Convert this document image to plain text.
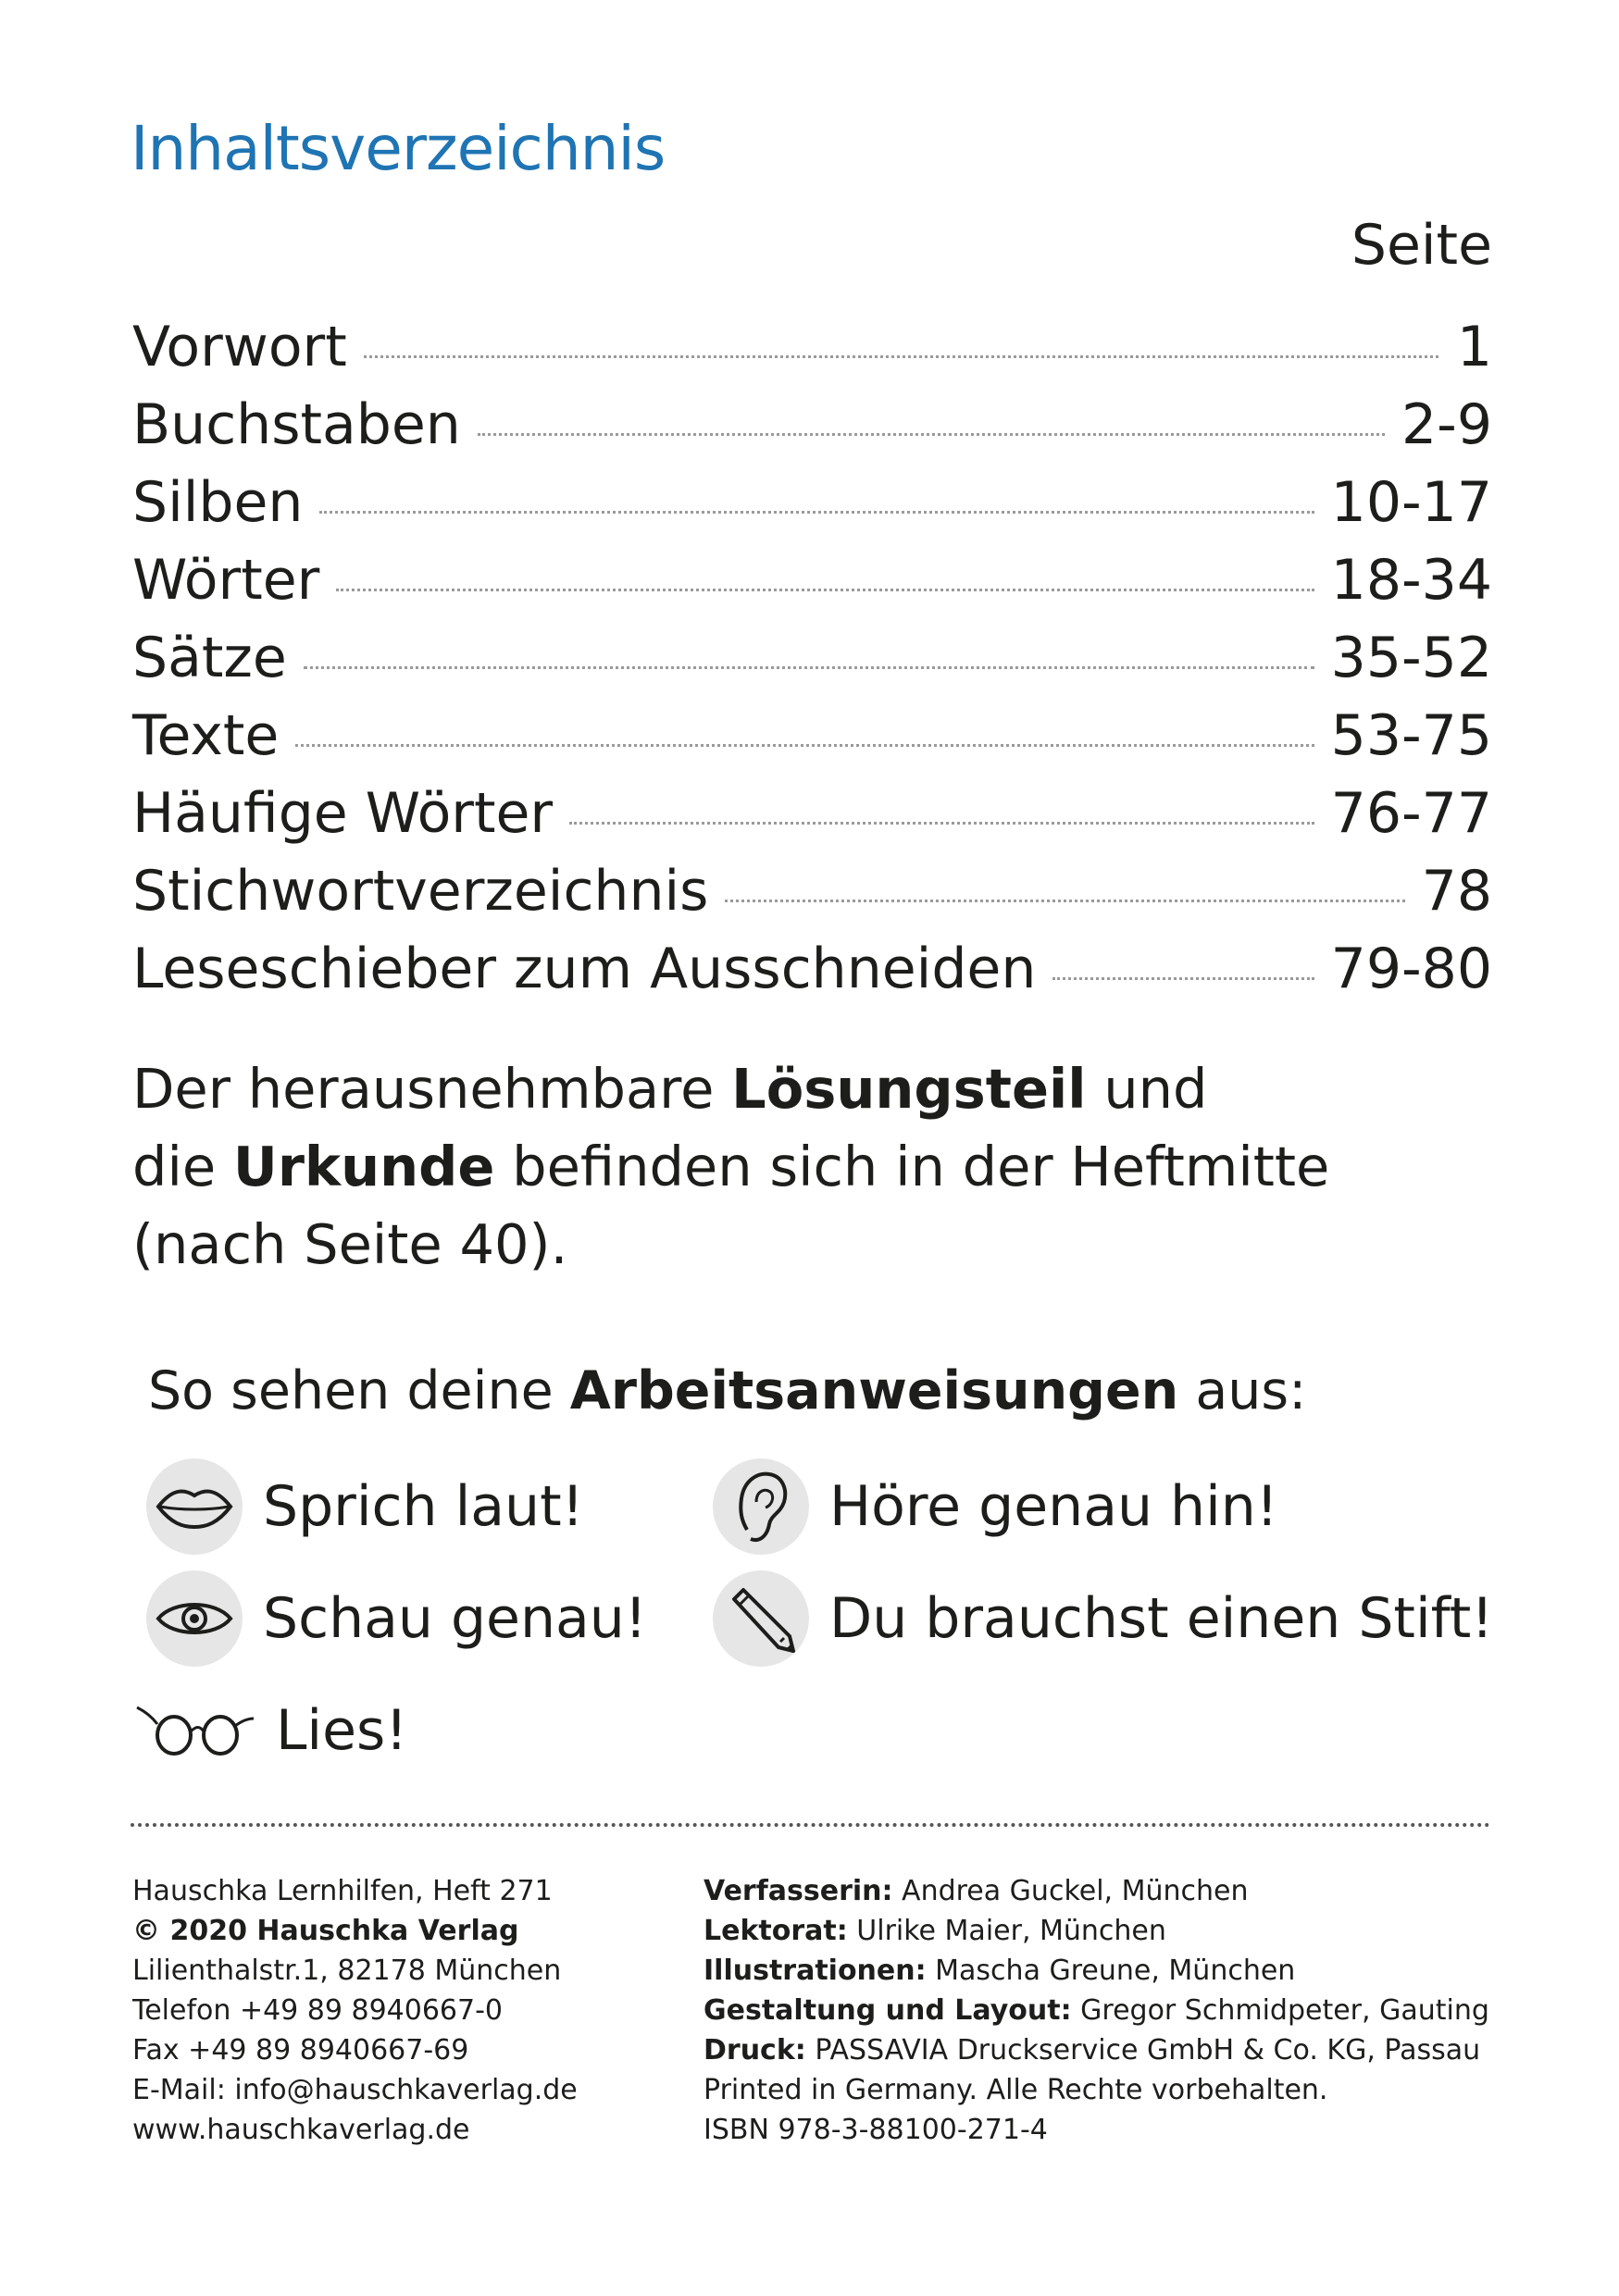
Inhaltsverzeichnis
Seite
Vorwort	1
Buchstaben	2-9
Silben	10-17
Wörter	18-34
Sätze	35-52
Texte	53-75
Häufige Wörter	76-77
Stichwortverzeichnis	78
Leseschieber zum Ausschneiden	79-80
Der herausnehmbare Lösungsteil und
die Urkunde befinden sich in der Heftmitte
(nach Seite 40).
So sehen deine Arbeitsanweisungen aus:
Sprich laut!	Höre genau hin!
Schau genau!	Du brauchst einen Stift!
Lies!
Hauschka Lernhilfen, Heft 271
© 2020 Hauschka Verlag
Lilienthalstr.1, 82178 München
Telefon +49 89 8940667-0
Fax +49 89 8940667-69
E-Mail: info@hauschkaverlag.de
www.hauschkaverlag.de
Verfasserin: Andrea Guckel, München
Lektorat: Ulrike Maier, München
Illustrationen: Mascha Greune, München
Gestaltung und Layout: Gregor Schmidpeter, Gauting
Druck: PASSAVIA Druckservice GmbH & Co. KG, Passau
Printed in Germany. Alle Rechte vorbehalten.
ISBN 978-3-88100-271-4
